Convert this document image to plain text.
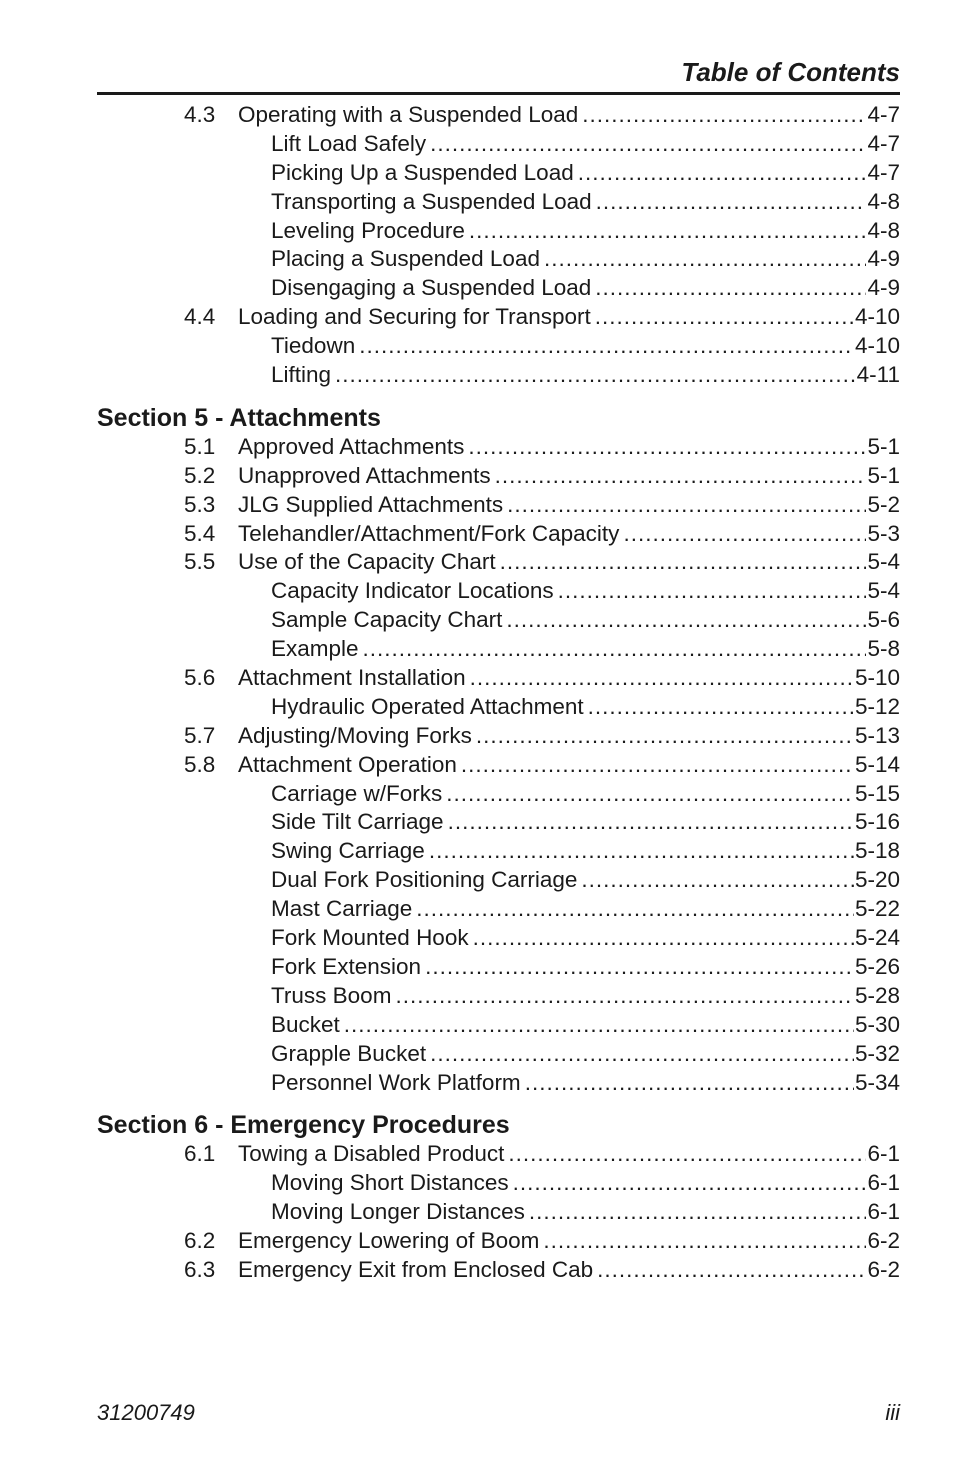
Table of Contents
4.3 Operating with a Suspended Load .....	4-7
Lift Load Safely .....	4-7
Picking Up a Suspended Load .....	4-7
Transporting a Suspended Load .....	4-8
Leveling Procedure .....	4-8
Placing a Suspended Load .....	4-9
Disengaging a Suspended Load .....	4-9
4.4 Loading and Securing for Transport .....	4-10
Tiedown .....	4-10
Lifting .....	4-11
Section 5 - Attachments
5.1 Approved Attachments .....	5-1
5.2 Unapproved Attachments .....	5-1
5.3 JLG Supplied Attachments .....	5-2
5.4 Telehandler/Attachment/Fork Capacity .....	5-3
5.5 Use of the Capacity Chart .....	5-4
Capacity Indicator Locations .....	5-4
Sample Capacity Chart .....	5-6
Example .....	5-8
5.6 Attachment Installation .....	5-10
Hydraulic Operated Attachment .....	5-12
5.7 Adjusting/Moving Forks .....	5-13
5.8 Attachment Operation .....	5-14
Carriage w/Forks .....	5-15
Side Tilt Carriage .....	5-16
Swing Carriage .....	5-18
Dual Fork Positioning Carriage .....	5-20
Mast Carriage .....	5-22
Fork Mounted Hook .....	5-24
Fork Extension .....	5-26
Truss Boom .....	5-28
Bucket .....	5-30
Grapple Bucket .....	5-32
Personnel Work Platform .....	5-34
Section 6 - Emergency Procedures
6.1 Towing a Disabled Product .....	6-1
Moving Short Distances .....	6-1
Moving Longer Distances .....	6-1
6.2 Emergency Lowering of Boom .....	6-2
6.3 Emergency Exit from Enclosed Cab .....	6-2
31200749	iii
